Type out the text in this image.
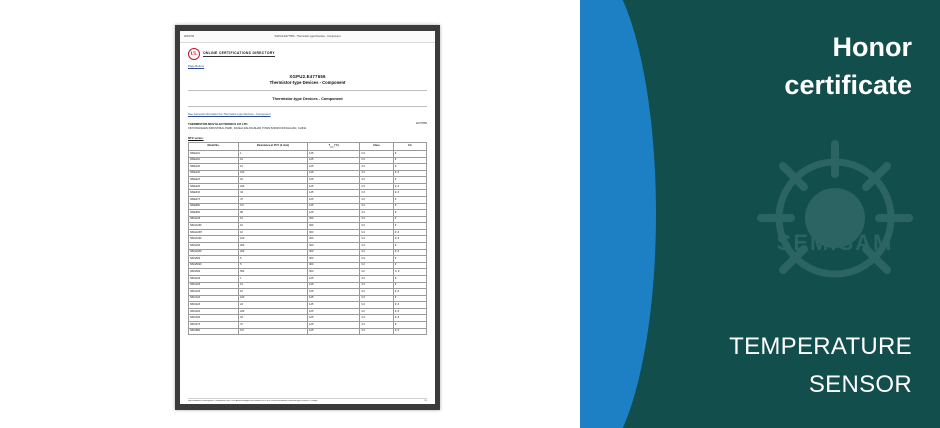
2016/7/6	XGPU2.E477656 - Thermistor-type Devices - Component
UL
ONLINE CERTIFICATIONS DIRECTORY
Page Bottom
XGPU2.E477656
Thermistor-type Devices - Component
Thermistor-type Devices - Component
See General Information for Thermistor-type Devices - Component
THERMISTOR-MOV ELECTRONICS CO LTD
XINYONGSHEN INDUSTRIAL PARK, DASHA DALINGSHAN TOWN 523000 DONGGUAN, CHINA
E477656
NTC series:
Model No.	Resistance at 25°C (k ohm)	$T_{max}$ (°C)	Class	CA
MNE101	1	125	C4	#
MNE102	10	125	C4	#
MNE103	10	125	C4	#
MNE104	100	125	C3	#, #
MNE223	22	125	C3	#
MNE229	220	125	C3	#, #
MNE333	33	125	C3	#, #
MNE473	47	125	C3	#
MNE682	6.8	125	C4	#
MNE683	68	125	C3	#
MNG103	10	300	C3	#
MNG103F	10	300	C4	#
MNG103H	10	300	C4	#, #
MNG104F	100	300	C4	#, #
MNG204	200	300	C3	#
MNG204F	200	300	C4	#, #
MNG502	5	300	C3	#
MNG502F	5	300	C2	#
MNG504	500	300	C2	C, #
MNG102	1	125	C3	#
MNU103	10	125	C3	#
MNU103	10	125	C4	#, #
MNU104	100	125	C3	#
MNU223	22	125	C4	#, #
MNU224	220	125	C2	#, #
MNU333	33	125	C3	#, #
MNU473	47	125	C4	#
MNU682	6.8	125	C3	#, #
http://database.ul.com/cgi-bin/XYV/template/LISEXT/1FRAME/showpage.html?name=XGPU2.E477656&ccnshorttitle=Thermistor-type+Devices+-+Compo...	1/2
SEMISAM
Honor
certificate
TEMPERATURE
SENSOR
